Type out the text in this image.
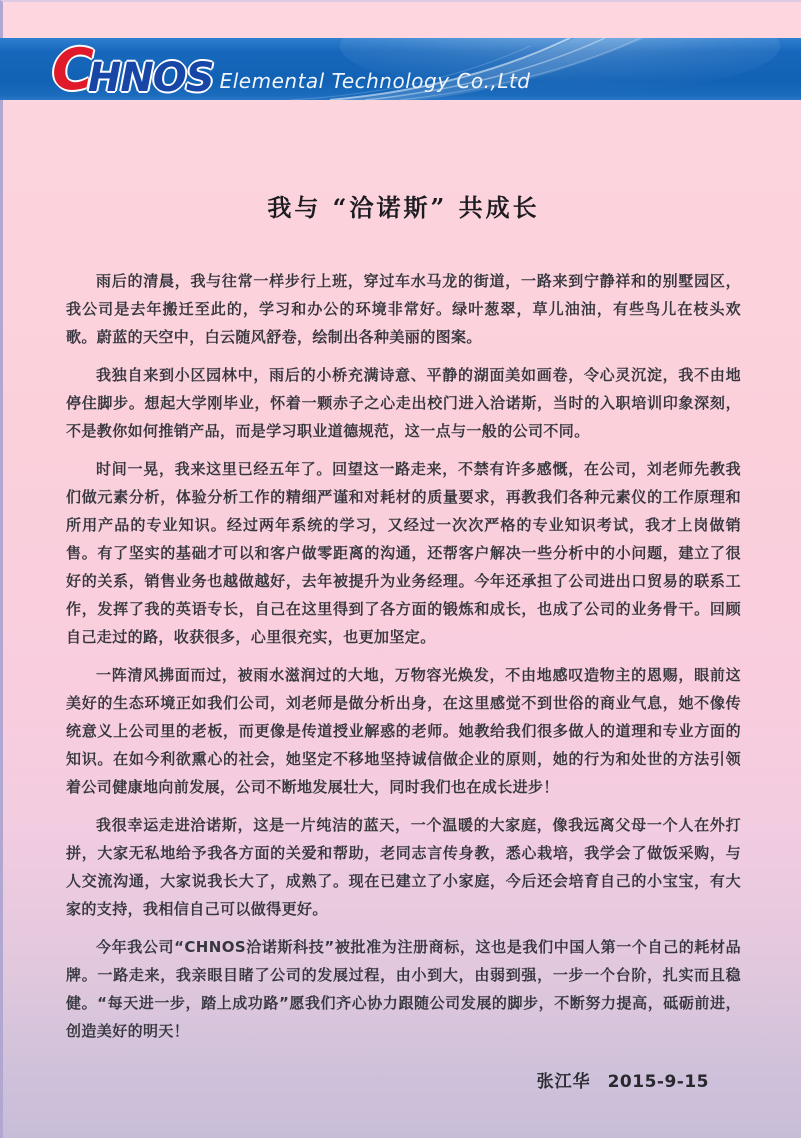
C
HNOS Elemental Technology Co.,Ltd
我与 “洽诺斯” 共成长

雨后的清晨，我与往常一样步行上班，穿过车水马龙的街道，一路来到宁静祥和的别墅园区，我公司是去年搬迁至此的，学习和办公的环境非常好。绿叶葱翠，草儿油油，有些鸟儿在枝头欢歌。蔚蓝的天空中，白云随风舒卷，绘制出各种美丽的图案。

我独自来到小区园林中，雨后的小桥充满诗意、平静的湖面美如画卷，令心灵沉淀，我不由地停住脚步。想起大学刚毕业，怀着一颗赤子之心走出校门进入洽诺斯，当时的入职培训印象深刻，不是教你如何推销产品，而是学习职业道德规范，这一点与一般的公司不同。

时间一晃，我来这里已经五年了。回望这一路走来，不禁有许多感慨，在公司，刘老师先教我们做元素分析，体验分析工作的精细严谨和对耗材的质量要求，再教我们各种元素仪的工作原理和所用产品的专业知识。经过两年系统的学习，又经过一次次严格的专业知识考试，我才上岗做销售。有了坚实的基础才可以和客户做零距离的沟通，还帮客户解决一些分析中的小问题，建立了很好的关系，销售业务也越做越好，去年被提升为业务经理。今年还承担了公司进出口贸易的联系工作，发挥了我的英语专长，自己在这里得到了各方面的锻炼和成长，也成了公司的业务骨干。回顾自己走过的路，收获很多，心里很充实，也更加坚定。

一阵清风拂面而过，被雨水滋润过的大地，万物容光焕发，不由地感叹造物主的恩赐，眼前这美好的生态环境正如我们公司，刘老师是做分析出身，在这里感觉不到世俗的商业气息，她不像传统意义上公司里的老板，而更像是传道授业解惑的老师。她教给我们很多做人的道理和专业方面的知识。在如今利欲熏心的社会，她坚定不移地坚持诚信做企业的原则，她的行为和处世的方法引领着公司健康地向前发展，公司不断地发展壮大，同时我们也在成长进步！

我很幸运走进洽诺斯，这是一片纯洁的蓝天，一个温暖的大家庭，像我远离父母一个人在外打拼，大家无私地给予我各方面的关爱和帮助，老同志言传身教，悉心栽培，我学会了做饭采购，与人交流沟通，大家说我长大了，成熟了。现在已建立了小家庭，今后还会培育自己的小宝宝，有大家的支持，我相信自己可以做得更好。

今年我公司“CHNOS洽诺斯科技”被批准为注册商标，这也是我们中国人第一个自己的耗材品牌。一路走来，我亲眼目睹了公司的发展过程，由小到大，由弱到强，一步一个台阶，扎实而且稳健。“每天进一步，踏上成功路”愿我们齐心协力跟随公司发展的脚步，不断努力提高，砥砺前进，创造美好的明天！

张江华 2015-9-15
